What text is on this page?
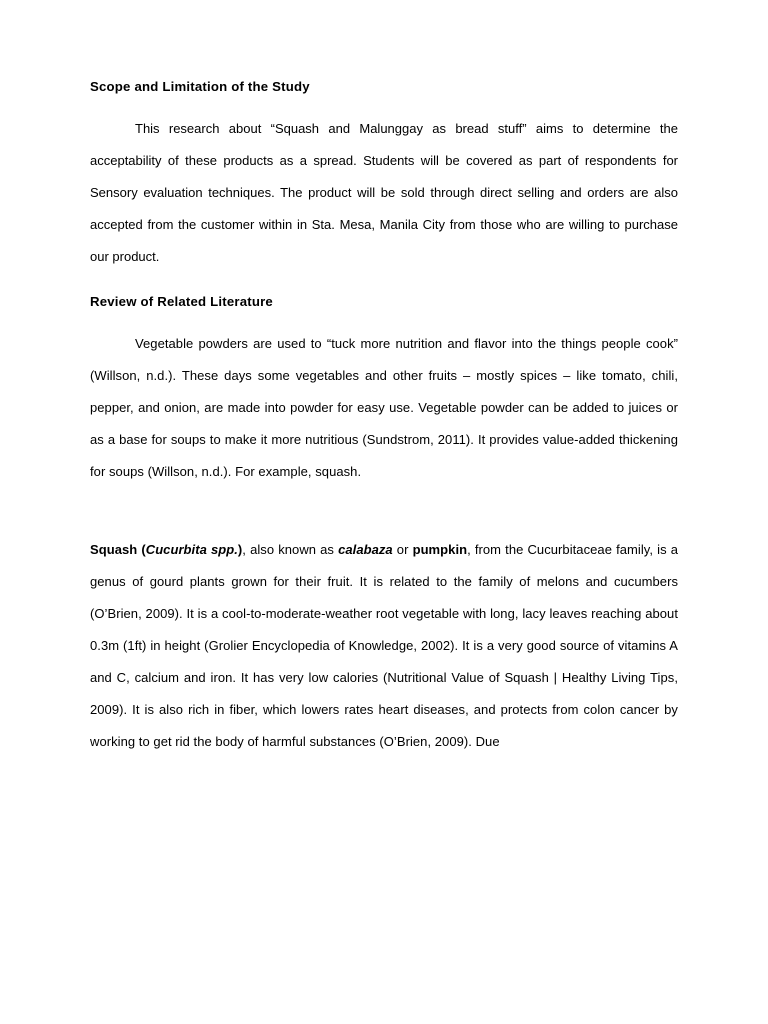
Scope and Limitation of the Study

This research about “Squash and Malunggay as bread stuff” aims to determine the acceptability of these products as a spread. Students will be covered as part of respondents for Sensory evaluation techniques. The product will be sold through direct selling and orders are also accepted from the customer within in Sta. Mesa, Manila City from those who are willing to purchase our product.

Review of Related Literature

Vegetable powders are used to “tuck more nutrition and flavor into the things people cook” (Willson, n.d.). These days some vegetables and other fruits – mostly spices – like tomato, chili, pepper, and onion, are made into powder for easy use. Vegetable powder can be added to juices or as a base for soups to make it more nutritious (Sundstrom, 2011). It provides value-added thickening for soups (Willson, n.d.). For example, squash.

Squash (Cucurbita spp.), also known as calabaza or pumpkin, from the Cucurbitaceae family, is a genus of gourd plants grown for their fruit. It is related to the family of melons and cucumbers (O’Brien, 2009). It is a cool-to-moderate-weather root vegetable with long, lacy leaves reaching about 0.3m (1ft) in height (Grolier Encyclopedia of Knowledge, 2002). It is a very good source of vitamins A and C, calcium and iron. It has very low calories (Nutritional Value of Squash | Healthy Living Tips, 2009). It is also rich in fiber, which lowers rates heart diseases, and protects from colon cancer by working to get rid the body of harmful substances (O’Brien, 2009). Due
